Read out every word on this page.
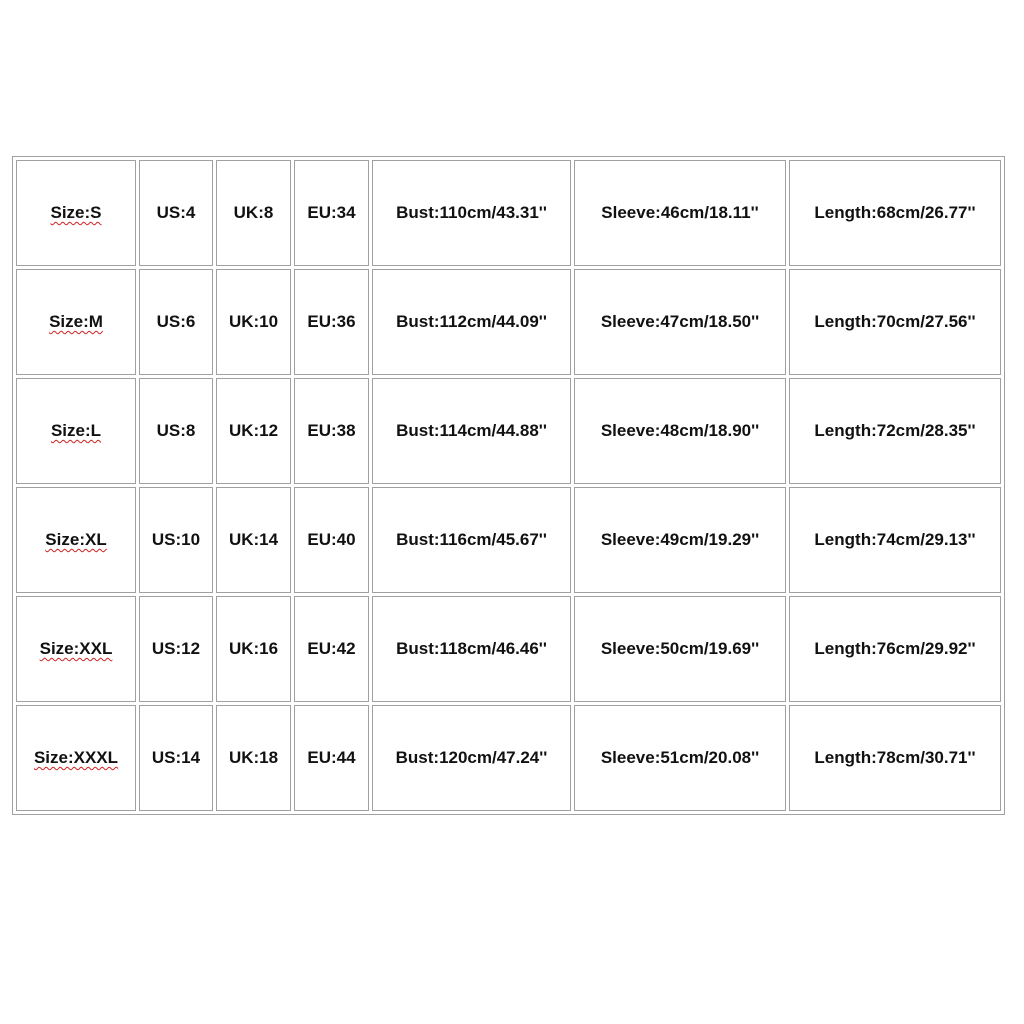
Size:S	US:4	UK:8	EU:34	Bust:110cm/43.31''	Sleeve:46cm/18.11''	Length:68cm/26.77''
Size:M	US:6	UK:10	EU:36	Bust:112cm/44.09''	Sleeve:47cm/18.50''	Length:70cm/27.56''
Size:L	US:8	UK:12	EU:38	Bust:114cm/44.88''	Sleeve:48cm/18.90''	Length:72cm/28.35''
Size:XL	US:10	UK:14	EU:40	Bust:116cm/45.67''	Sleeve:49cm/19.29''	Length:74cm/29.13''
Size:XXL	US:12	UK:16	EU:42	Bust:118cm/46.46''	Sleeve:50cm/19.69''	Length:76cm/29.92''
Size:XXXL	US:14	UK:18	EU:44	Bust:120cm/47.24''	Sleeve:51cm/20.08''	Length:78cm/30.71''
